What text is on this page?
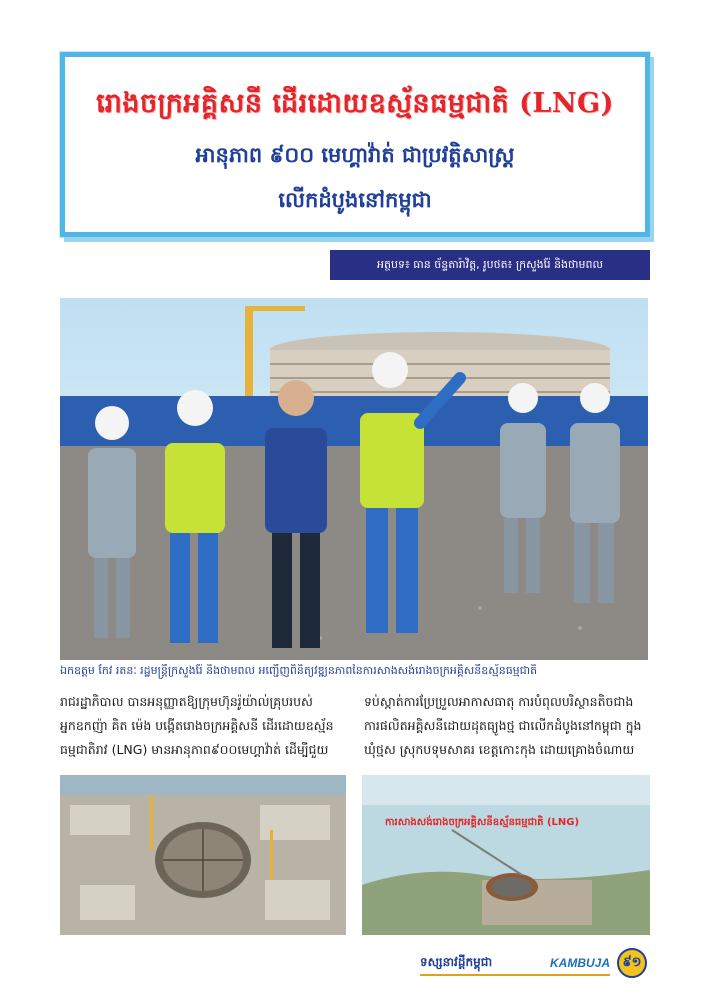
រោងចក្រអគ្គិសនី ដើរដោយឧស្ម័នធម្មជាតិ (LNG)
អានុភាព ៩០០ មេហ្គាវ៉ាត់ ជាប្រវត្តិសាស្ត្រ
លើកដំបូងនៅកម្ពុជា
អត្ថបទ៖ ធាន ច័ន្ទតារ៉ាវិត្ត, រូបថត៖ ក្រសួងរ៉ែ និងថាមពល
ឯកឧត្តម កែវ រតនៈ រដ្ឋមន្ត្រីក្រសួងរ៉ែ និងថាមពល អញ្ជើញពិនិត្យវឌ្ឍនភាពនៃការសាងសង់រោងចក្រអគ្គិសនីឧស្ម័នធម្មជាតិ

រាជរដ្ឋាភិបាល បានអនុញ្ញាតឱ្យក្រុមហ៊ុនរ៉ូយ៉ាល់គ្រុបរបស់

អ្នកឧកញ៉ា គិត ម៉េង បង្កើតរោងចក្រអគ្គិសនី ដើរដោយឧស្ម័ន

ធម្មជាតិរាវ (LNG) មានអានុភាព៩០០មេហ្គាវ៉ាត់ ដើម្បីជួយ

ទប់ស្កាត់ការប្រែប្រួលអាកាសធាតុ ការបំពុលបរិស្ថានតិចជាង

ការផលិតអគ្គិសនីដោយដុតធ្យូងថ្ម ជាលើកដំបូងនៅកម្ពុជា ក្នុង

ឃុំថ្មស ស្រុកបទុមសាគរ ខេត្តកោះកុង ដោយគ្រោងចំណាយ

ការសាងសង់រោងចក្រអគ្គិសនីឧស្ម័នធម្មជាតិ (LNG)
ទស្សនាវដ្ដីកម្ពុជា	KAMBUJA ៩១
